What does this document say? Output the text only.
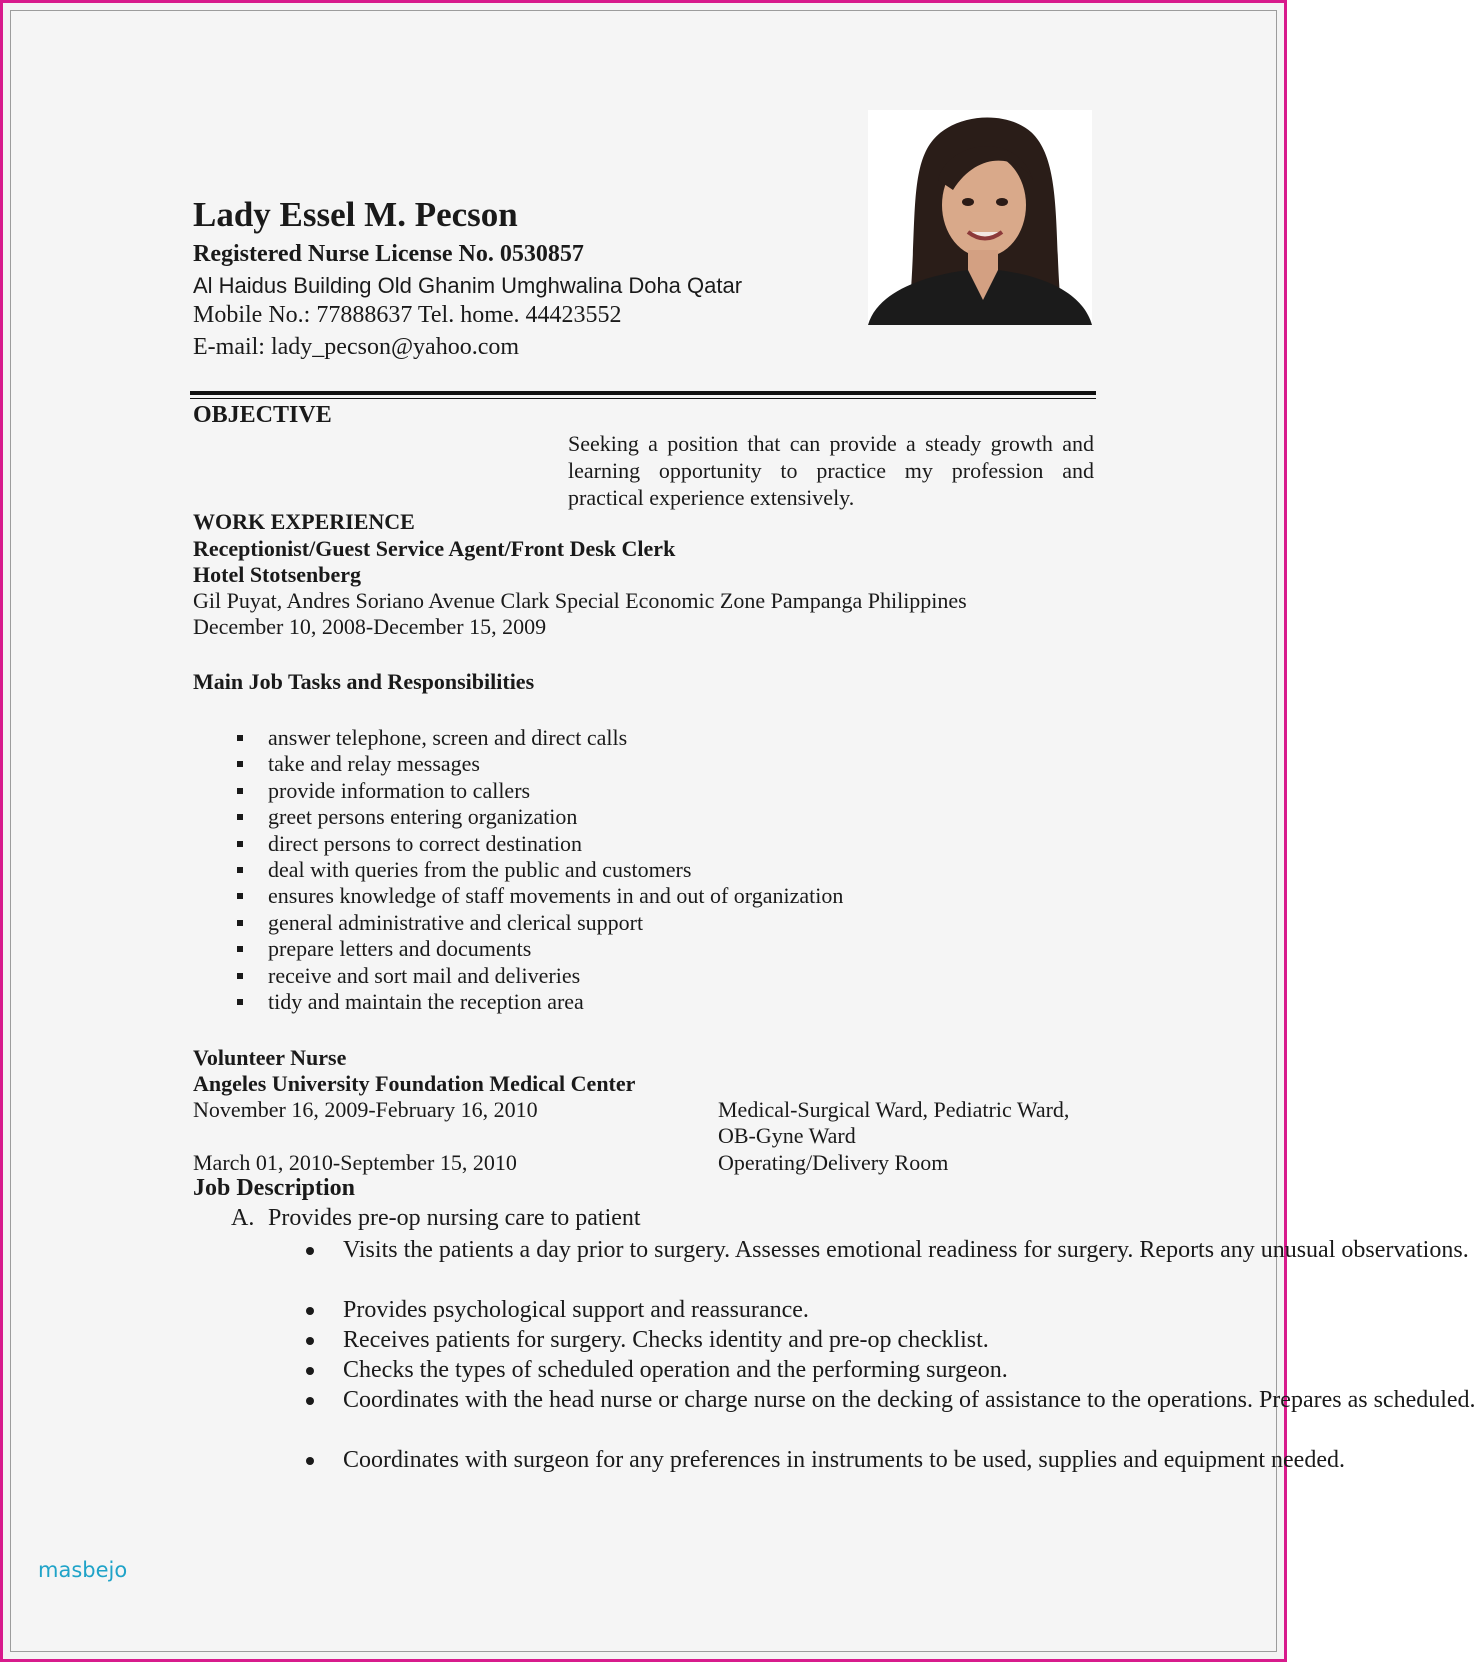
Lady Essel M. Pecson
Registered Nurse License No. 0530857
Al Haidus Building Old Ghanim Umghwalina Doha Qatar
Mobile No.: 77888637 Tel. home. 44423552
E-mail: lady_pecson@yahoo.com
OBJECTIVE
Seeking a position that can provide a steady growth and learning opportunity to practice my profession and practical experience extensively.
WORK EXPERIENCE
Receptionist/Guest Service Agent/Front Desk Clerk
Hotel Stotsenberg
Gil Puyat, Andres Soriano Avenue Clark Special Economic Zone Pampanga Philippines
December 10, 2008-December 15, 2009
Main Job Tasks and Responsibilities
answer telephone, screen and direct calls
take and relay messages
provide information to callers
greet persons entering organization
direct persons to correct destination
deal with queries from the public and customers
ensures knowledge of staff movements in and out of organization
general administrative and clerical support
prepare letters and documents
receive and sort mail and deliveries
tidy and maintain the reception area
Volunteer Nurse
Angeles University Foundation Medical Center
November 16, 2009-February 16, 2010	Medical-Surgical Ward, Pediatric Ward,
OB-Gyne Ward
March 01, 2010-September 15, 2010	Operating/Delivery Room
Job Description
A. Provides pre-op nursing care to patient

Visits the patients a day prior to surgery. Assesses emotional readiness for surgery. Reports any unusual observations.

Provides psychological support and reassurance.

Receives patients for surgery. Checks identity and pre-op checklist.

Checks the types of scheduled operation and the performing surgeon.

Coordinates with the head nurse or charge nurse on the decking of assistance to the operations. Prepares as scheduled.

Coordinates with surgeon for any preferences in instruments to be used, supplies and equipment needed.

masbejo
